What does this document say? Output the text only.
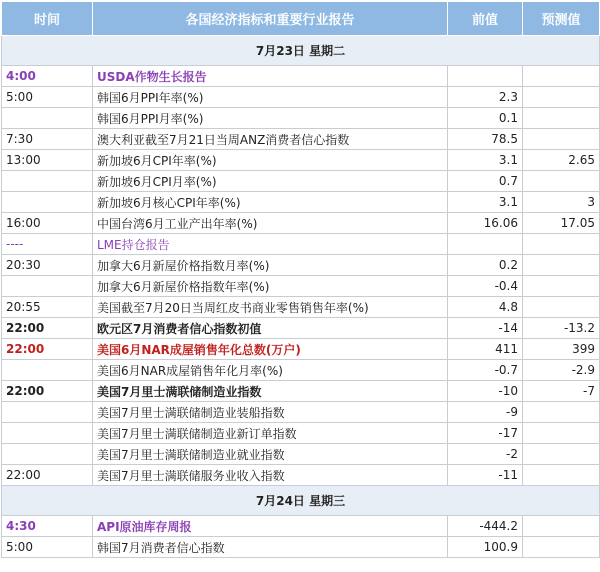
时间	各国经济指标和重要行业报告	前值	预测值
7月23日 星期二			
4:00	USDA作物生长报告		
5:00	韩国6月PPI年率(%)	2.3	
	韩国6月PPI月率(%)	0.1	
7:30	澳大利亚截至7月21日当周ANZ消费者信心指数	78.5	
13:00	新加坡6月CPI年率(%)	3.1	2.65
	新加坡6月CPI月率(%)	0.7	
	新加坡6月核心CPI年率(%)	3.1	3
16:00	中国台湾6月工业产出年率(%)	16.06	17.05
----	LME持仓报告		
20:30	加拿大6月新屋价格指数月率(%)	0.2	
	加拿大6月新屋价格指数年率(%)	-0.4	
20:55	美国截至7月20日当周红皮书商业零售销售年率(%)	4.8	
22:00	欧元区7月消费者信心指数初值	-14	-13.2
22:00	美国6月NAR成屋销售年化总数(万户)	411	399
	美国6月NAR成屋销售年化月率(%)	-0.7	-2.9
22:00	美国7月里士满联储制造业指数	-10	-7
	美国7月里士满联储制造业装船指数	-9	
	美国7月里士满联储制造业新订单指数	-17	
	美国7月里士满联储制造业就业指数	-2	
22:00	美国7月里士满联储服务业收入指数	-11	
7月24日 星期三			
4:30	API原油库存周报	-444.2	
5:00	韩国7月消费者信心指数	100.9	
